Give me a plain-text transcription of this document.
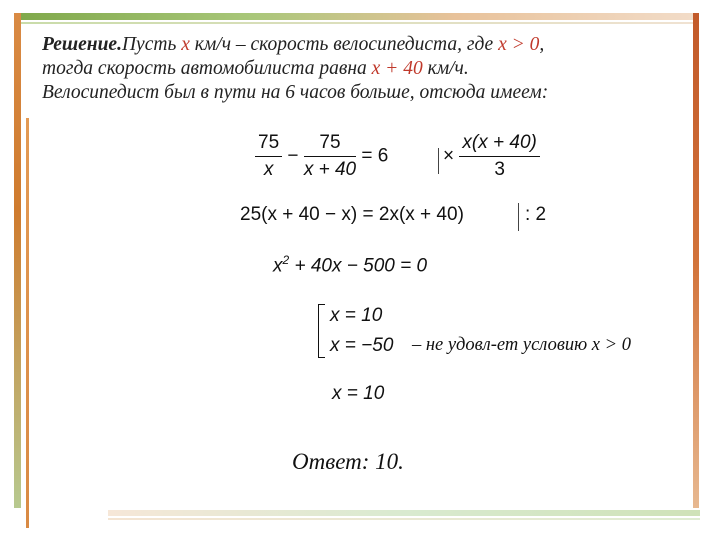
Решение.Пусть x км/ч – скорость велосипедиста, где x > 0,
тогда скорость автомобилиста равна x + 40 км/ч.
Велосипедист был в пути на 6 часов больше, отсюда имеем:
$\frac{75}{x} - \frac{75}{x + 40} = 6$	× $\frac{x(x + 40)}{3}$
25(x + 40 − x) = 2x(x + 40)	: 2
$x^2 + 40x - 500 = 0$
x = 10
x = −50 – не удовл-ет условию x > 0
x = 10
Ответ: 10.
